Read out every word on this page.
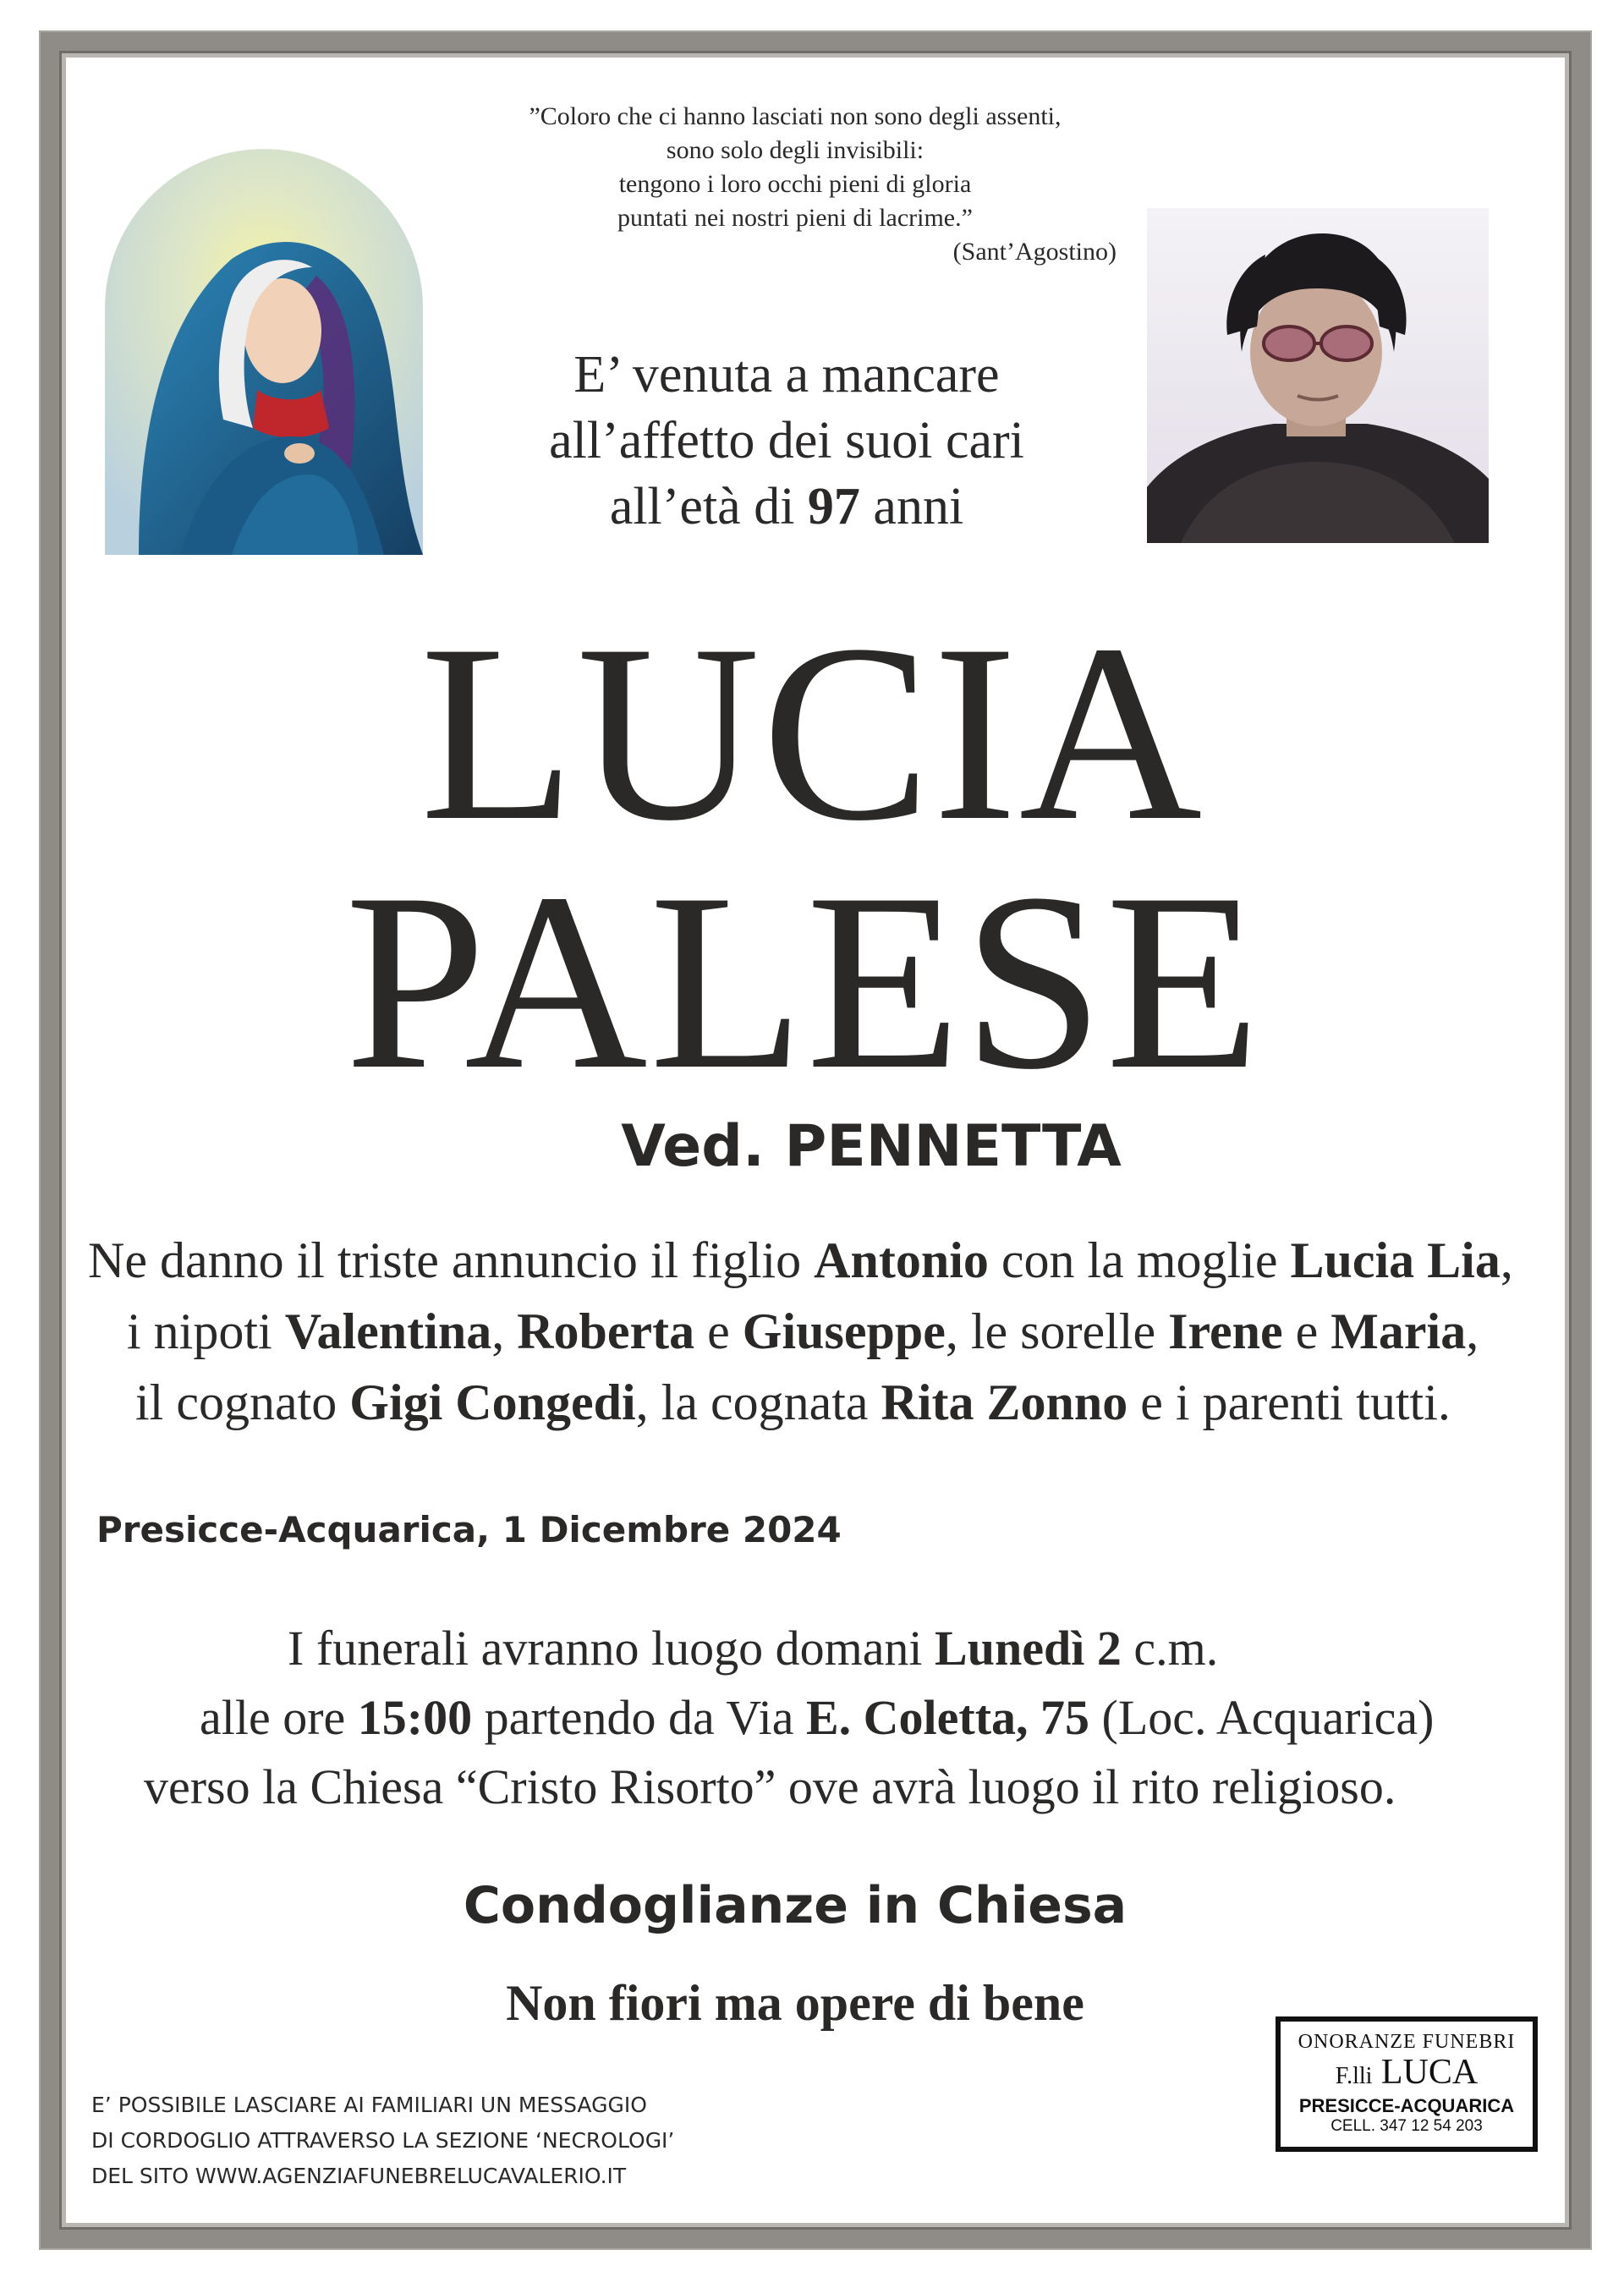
”Coloro che ci hanno lasciati non sono degli assenti,
sono solo degli invisibili:
tengono i loro occhi pieni di gloria
puntati nei nostri pieni di lacrime.”
(Sant’Agostino)
E’ venuta a mancare
all’affetto dei suoi cari
all’età di 97 anni
LUCIA
PALESE
Ved. PENNETTA
Ne danno il triste annuncio il figlio Antonio con la moglie Lucia Lia,
i nipoti Valentina, Roberta e Giuseppe, le sorelle Irene e Maria,
il cognato Gigi Congedi, la cognata Rita Zonno e i parenti tutti.
Presicce-Acquarica, 1 Dicembre 2024
I funerali avranno luogo domani Lunedì 2 c.m.
alle ore 15:00 partendo da Via E. Coletta, 75 (Loc. Acquarica)
verso la Chiesa “Cristo Risorto” ove avrà luogo il rito religioso.
Condoglianze in Chiesa
Non fiori ma opere di bene
E’ POSSIBILE LASCIARE AI FAMILIARI UN MESSAGGIO
DI CORDOGLIO ATTRAVERSO LA SEZIONE ‘NECROLOGI’
DEL SITO WWW.AGENZIAFUNEBRELUCAVALERIO.IT
ONORANZE FUNEBRI
F.lli LUCA
PRESICCE-ACQUARICA
CELL. 347 12 54 203
